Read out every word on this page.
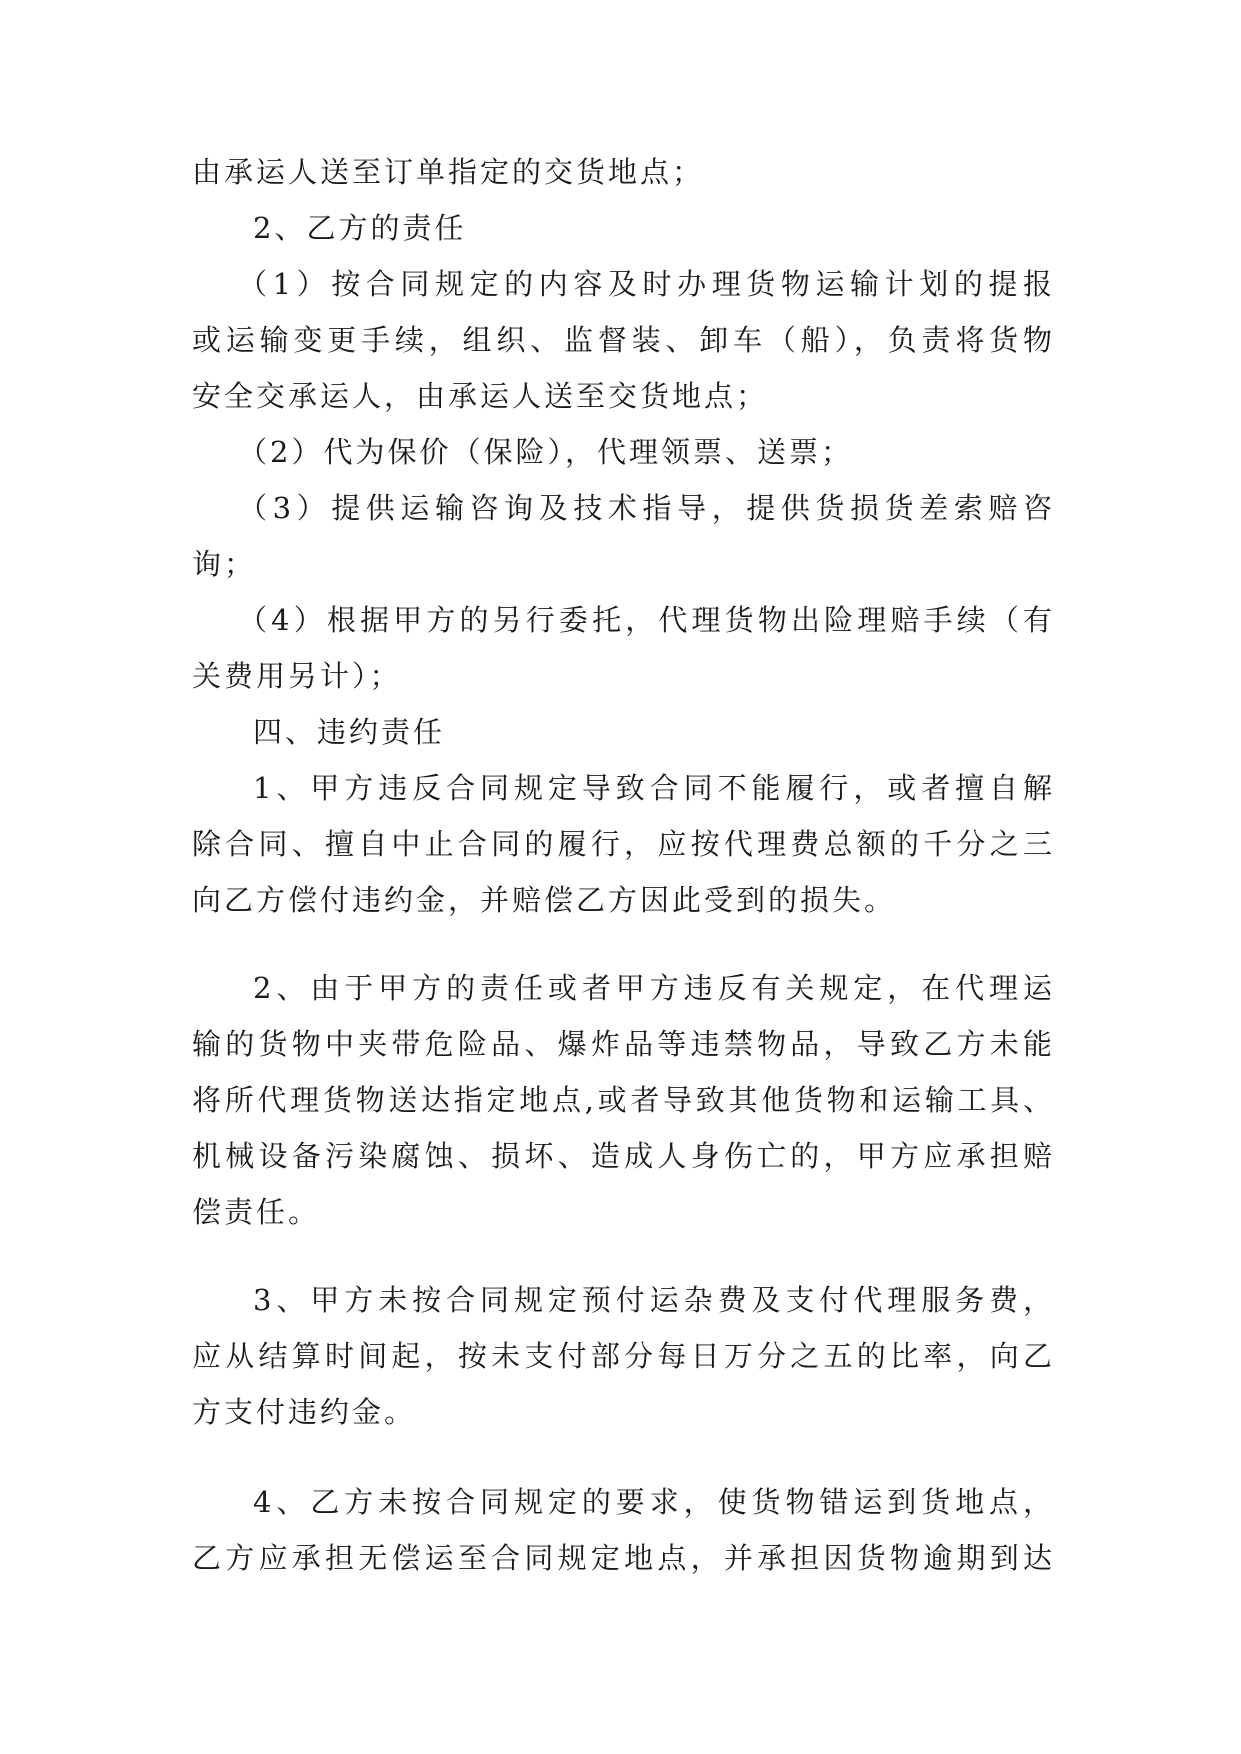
由承运人送至订单指定的交货地点；
2、乙方的责任
（1）按合同规定的内容及时办理货物运输计划的提报
或运输变更手续，组织、监督装、卸车（船），负责将货物
安全交承运人，由承运人送至交货地点；
（2）代为保价（保险），代理领票、送票；
（3）提供运输咨询及技术指导，提供货损货差索赔咨
询；
（4）根据甲方的另行委托，代理货物出险理赔手续（有
关费用另计）；
四、违约责任
1、甲方违反合同规定导致合同不能履行，或者擅自解
除合同、擅自中止合同的履行，应按代理费总额的千分之三
向乙方偿付违约金，并赔偿乙方因此受到的损失。
2、由于甲方的责任或者甲方违反有关规定，在代理运
输的货物中夹带危险品、爆炸品等违禁物品，导致乙方未能
将所代理货物送达指定地点,或者导致其他货物和运输工具、
机械设备污染腐蚀、损坏、造成人身伤亡的，甲方应承担赔
偿责任。
3、甲方未按合同规定预付运杂费及支付代理服务费，
应从结算时间起，按未支付部分每日万分之五的比率，向乙
方支付违约金。
4、乙方未按合同规定的要求，使货物错运到货地点，
乙方应承担无偿运至合同规定地点，并承担因货物逾期到达
